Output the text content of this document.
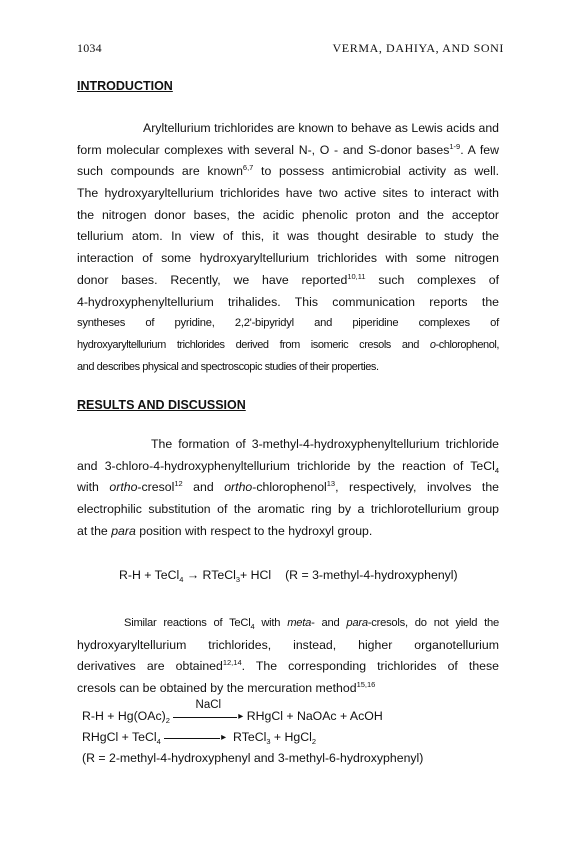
1034	VERMA, DAHIYA, AND SONI
INTRODUCTION
Aryltellurium trichlorides are known to behave as Lewis acids and
form molecular complexes with several N-, O - and S-donor bases$^{1-9}$. A few
such compounds are known$^{6,7}$ to possess antimicrobial activity as well.
The hydroxyaryltellurium trichlorides have two active sites to interact with
the nitrogen donor bases, the acidic phenolic proton and the acceptor
tellurium atom. In view of this, it was thought desirable to study the
interaction of some hydroxyaryltellurium trichlorides with some nitrogen
donor bases. Recently, we have reported$^{10,11}$ such complexes of
4-hydroxyphenyltellurium trihalides. This communication reports the
syntheses of pyridine, 2,2'-bipyridyl and piperidine complexes of
hydroxyaryltellurium trichlorides derived from isomeric cresols and o-chlorophenol,
and describes physical and spectroscopic studies of their properties.
RESULTS AND DISCUSSION
The formation of 3-methyl-4-hydroxyphenyltellurium trichloride
and 3-chloro-4-hydroxyphenyltellurium trichloride by the reaction of TeCl$_4$
with ortho-cresol$^{12}$ and ortho-chlorophenol$^{13}$, respectively, involves the
electrophilic substitution of the aromatic ring by a trichlorotellurium group
at the para position with respect to the hydroxyl group.
R-H + TeCl$_4$ → RTeCl$_3$+ HCl (R = 3-methyl-4-hydroxyphenyl)
Similar reactions of TeCl$_4$ with meta- and para-cresols, do not yield the
hydroxyaryltellurium trichlorides, instead, higher organotellurium
derivatives are obtained$^{12,14}$. The corresponding trichlorides of these
cresols can be obtained by the mercuration method$^{15,16}$
$R-H + Hg(OAc)_2$
NaCl
▸ RHgCl + NaOAc + AcOH
RHgCl + TeCl$_4$	▸ RTeCl$_3$ + HgCl$_2$
(R = 2-methyl-4-hydroxyphenyl and 3-methyl-6-hydroxyphenyl)
